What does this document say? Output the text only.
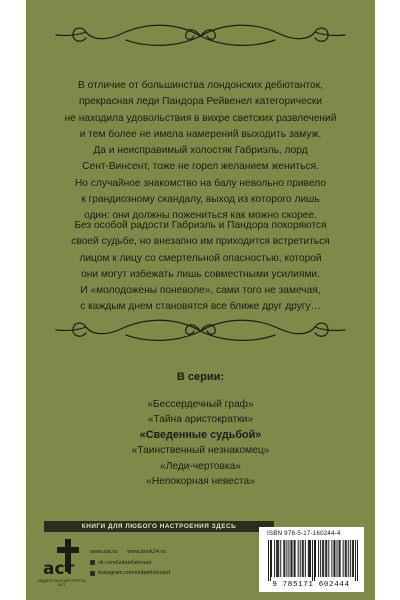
В отличие от большинства лондонских дебютанток,

прекрасная леди Пандора Рейвенел категорически

не находила удовольствия в вихре светских развлечений

и тем более не имела намерений выходить замуж.

Да и неисправимый холостяк Габриэль, лорд

Сент-Винсент, тоже не горел желанием жениться.

Но случайное знакомство на балу невольно привело

к грандиозному скандалу, выход из которого лишь

один: они должны пожениться как можно скорее.

Без особой радости Габриэль и Пандора покоряются

своей судьбе, но внезапно им приходится встретиться

лицом к лицу со смертельной опасностью, которой

они могут избежать лишь совместными усилиями.

И «молодожены поневоле», сами того не замечая,

с каждым днем становятся все ближе друг другу…

В серии:
«Бессердечный граф»
«Тайна аристократки»
«Сведенные судьбой»
«Таинственный незнакомец»
«Леди-чертовка»
«Непокорная невеста»
КНИГИ ДЛЯ ЛЮБОГО НАСТРОЕНИЯ ЗДЕСЬ
аст
ИЗДАТЕЛЬСКАЯ ГРУППА АСТ
www.ast.ru www.book24.ru
vk.com/izdatelstvoast
instagram.com/izdatelstvoast
ISBN 978-5-17-160244-4
9 785171 602444
